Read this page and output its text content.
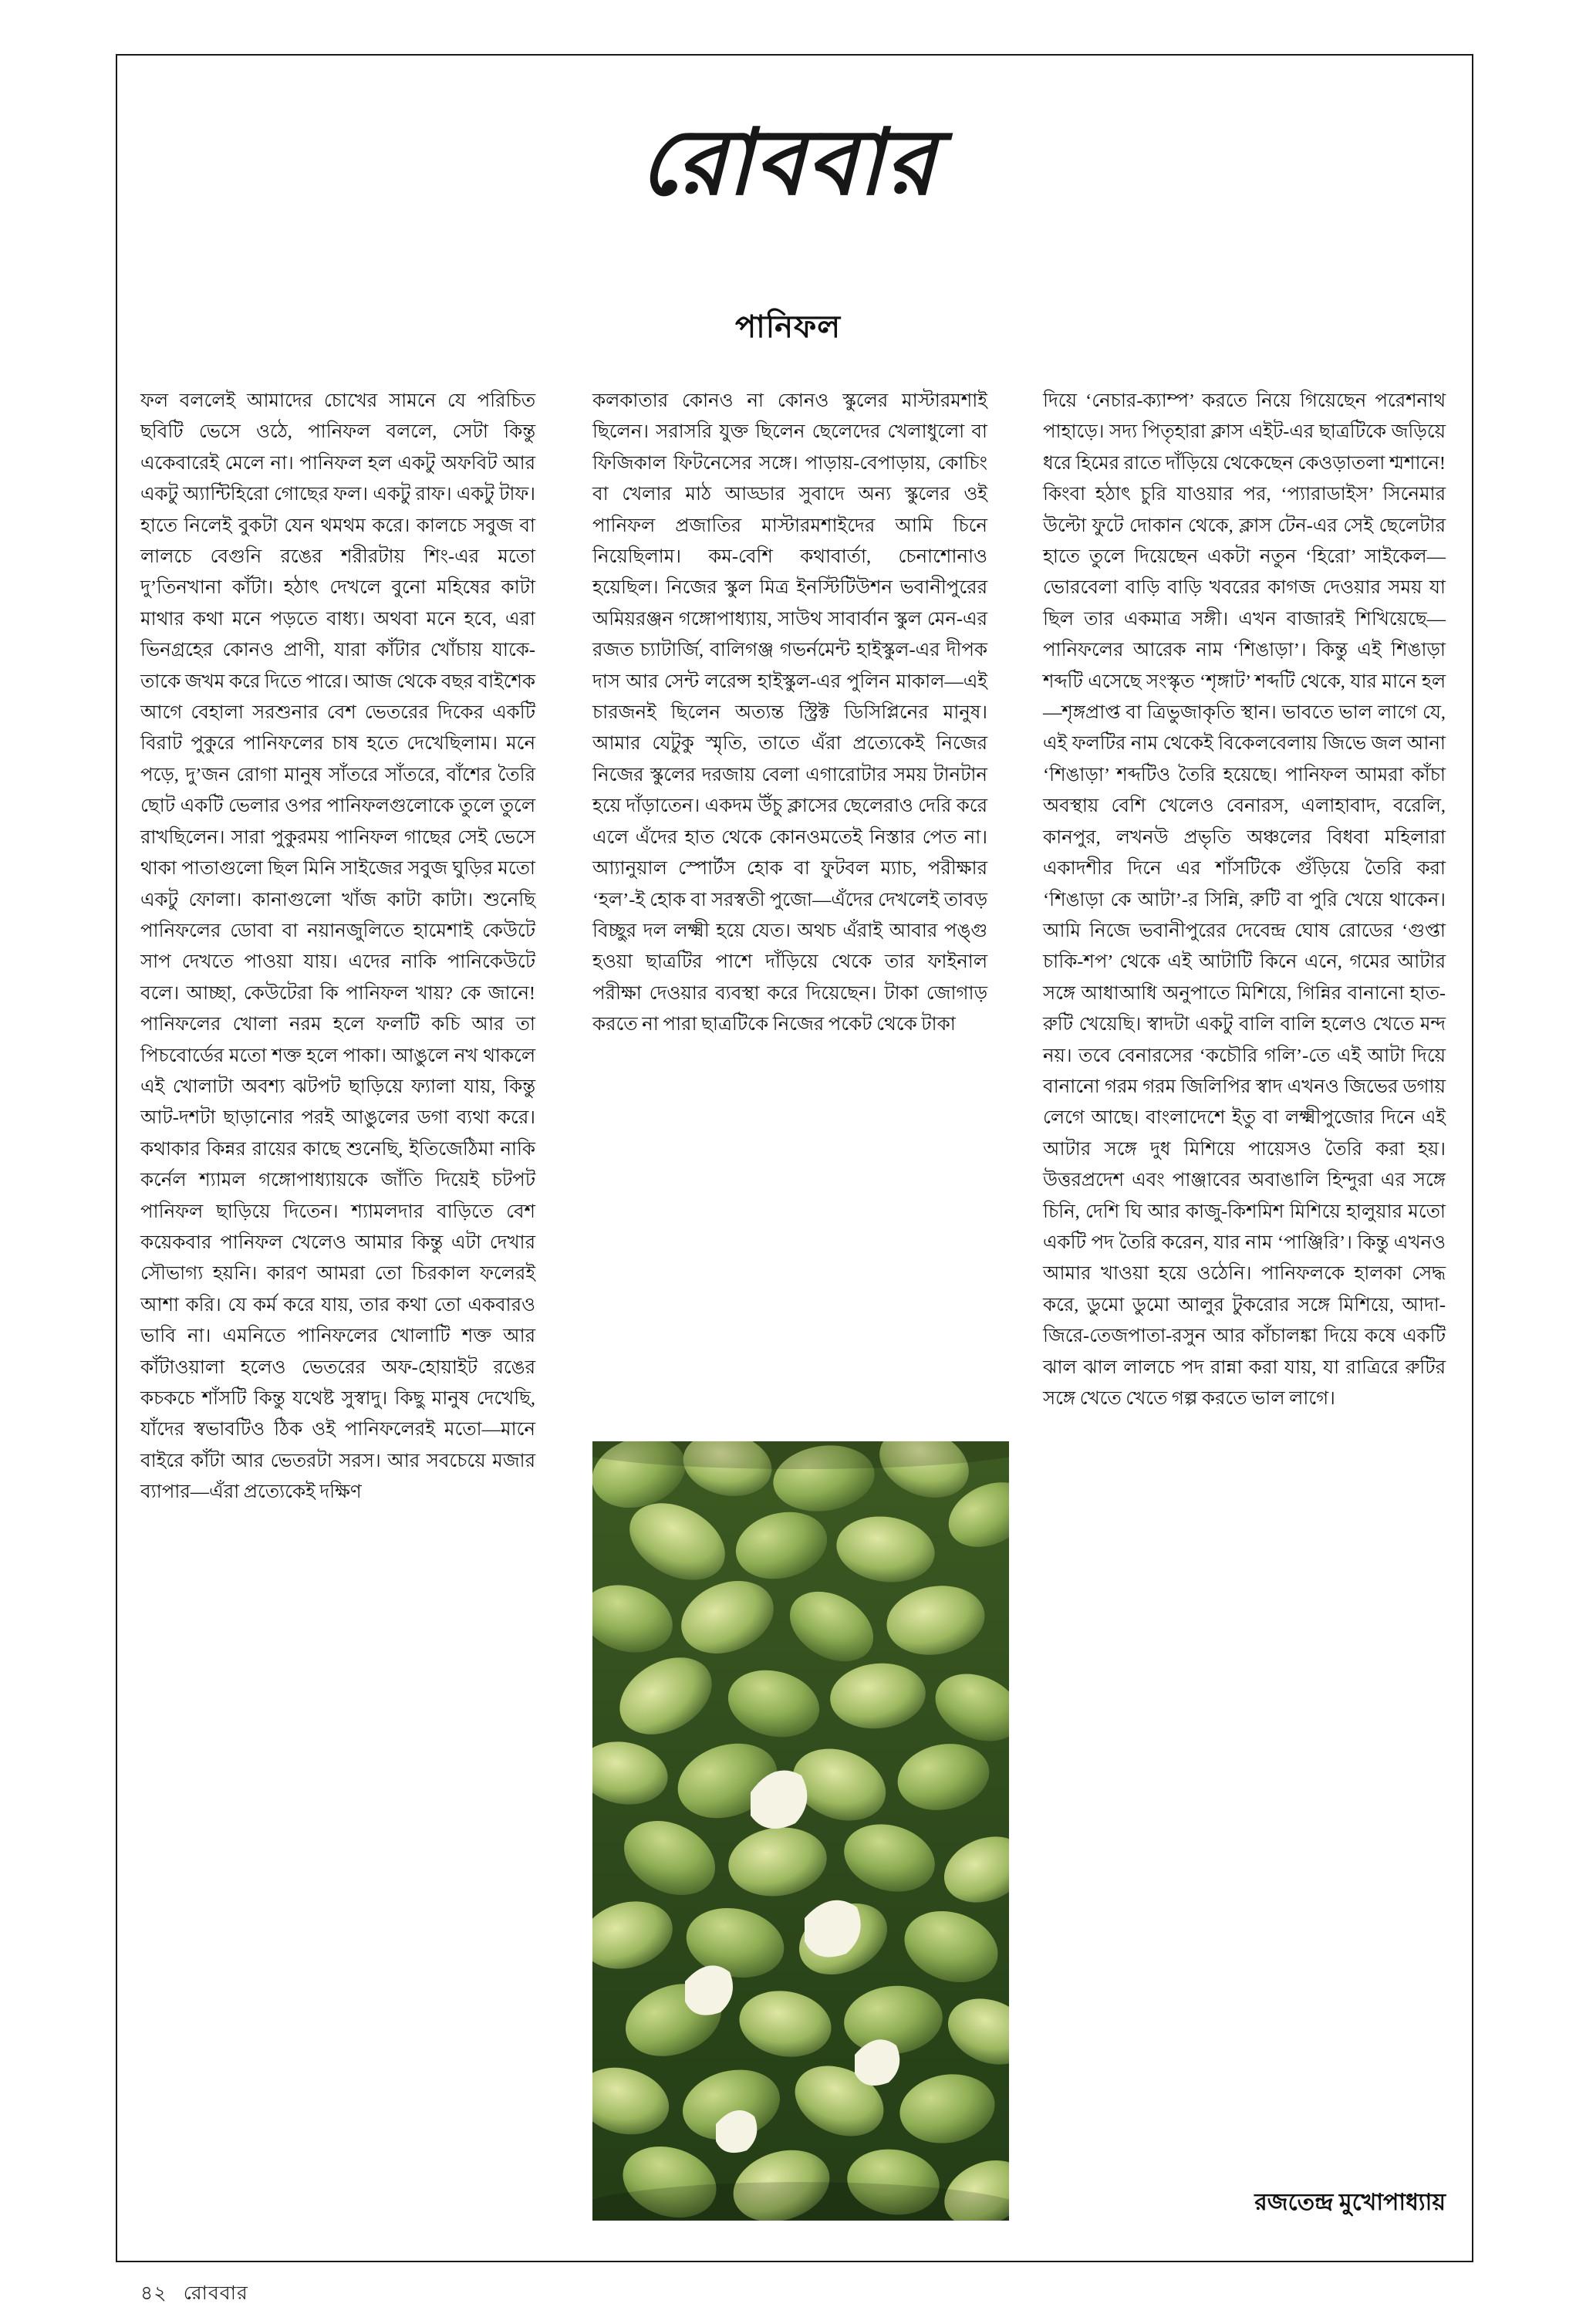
রোববার
পানিফল

ফল বললেই আমাদের চোখের সামনে যে পরিচিত ছবিটি ভেসে ওঠে, পানিফল বললে, সেটা কিন্তু একেবারেই মেলে না। পানিফল হল একটু অফবিট আর একটু অ্যান্টিহিরো গোছের ফল। একটু রাফ। একটু টাফ। হাতে নিলেই বুকটা যেন থমথম করে। কালচে সবুজ বা লালচে বেগুনি রঙের শরীরটায় শিং-এর মতো দু’তিনখানা কাঁটা। হঠাৎ দেখলে বুনো মহিষের কাটা মাথার কথা মনে পড়তে বাধ্য। অথবা মনে হবে, এরা ভিনগ্রহের কোনও প্রাণী, যারা কাঁটার খোঁচায় যাকে-তাকে জখম করে দিতে পারে। আজ থেকে বছর বাইশেক আগে বেহালা সরশুনার বেশ ভেতরের দিকের একটি বিরাট পুকুরে পানিফলের চাষ হতে দেখেছিলাম। মনে পড়ে, দু’জন রোগা মানুষ সাঁতরে সাঁতরে, বাঁশের তৈরি ছোট একটি ভেলার ওপর পানিফলগুলোকে তুলে তুলে রাখছিলেন। সারা পুকুরময় পানিফল গাছের সেই ভেসে থাকা পাতাগুলো ছিল মিনি সাইজের সবুজ ঘুড়ির মতো একটু ফোলা। কানাগুলো খাঁজ কাটা কাটা। শুনেছি পানিফলের ডোবা বা নয়ানজুলিতে হামেশাই কেউটে সাপ দেখতে পাওয়া যায়। এদের নাকি পানিকেউটে বলে। আচ্ছা, কেউটেরা কি পানিফল খায়? কে জানে! পানিফলের খোলা নরম হলে ফলটি কচি আর তা পিচবোর্ডের মতো শক্ত হলে পাকা। আঙুলে নখ থাকলে এই খোলাটা অবশ্য ঝটপট ছাড়িয়ে ফ্যালা যায়, কিন্তু আট-দশটা ছাড়ানোর পরই আঙুলের ডগা ব্যথা করে। কথাকার কিন্নর রায়ের কাছে শুনেছি, ইতিজেঠিমা নাকি কর্নেল শ্যামল গঙ্গোপাধ্যায়কে জাঁতি দিয়েই চটপট পানিফল ছাড়িয়ে দিতেন। শ্যামলদার বাড়িতে বেশ কয়েকবার পানিফল খেলেও আমার কিন্তু এটা দেখার সৌভাগ্য হয়নি। কারণ আমরা তো চিরকাল ফলেরই আশা করি। যে কর্ম করে যায়, তার কথা তো একবারও ভাবি না। এমনিতে পানিফলের খোলাটি শক্ত আর কাঁটাওয়ালা হলেও ভেতরের অফ-হোয়াইট রঙের কচকচে শাঁসটি কিন্তু যথেষ্ট সুস্বাদু। কিছু মানুষ দেখেছি, যাঁদের স্বভাবটিও ঠিক ওই পানিফলেরই মতো—মানে বাইরে কাঁটা আর ভেতরটা সরস। আর সবচেয়ে মজার ব্যাপার—এঁরা প্রত্যেকেই দক্ষিণ

কলকাতার কোনও না কোনও স্কুলের মাস্টারমশাই ছিলেন। সরাসরি যুক্ত ছিলেন ছেলেদের খেলাধুলো বা ফিজিকাল ফিটনেসের সঙ্গে। পাড়ায়-বেপাড়ায়, কোচিং বা খেলার মাঠ আড্ডার সুবাদে অন্য স্কুলের ওই পানিফল প্রজাতির মাস্টারমশাইদের আমি চিনে নিয়েছিলাম। কম-বেশি কথাবার্তা, চেনাশোনাও হয়েছিল। নিজের স্কুল মিত্র ইনস্টিটিউশন ভবানীপুরের অমিয়রঞ্জন গঙ্গোপাধ্যায়, সাউথ সাবার্বান স্কুল মেন-এর রজত চ্যাটার্জি, বালিগঞ্জ গভর্নমেন্ট হাইস্কুল-এর দীপক দাস আর সেন্ট লরেন্স হাইস্কুল-এর পুলিন মাকাল—এই চারজনই ছিলেন অত্যন্ত স্ট্রিক্ট ডিসিপ্লিনের মানুষ। আমার যেটুকু স্মৃতি, তাতে এঁরা প্রত্যেকেই নিজের নিজের স্কুলের দরজায় বেলা এগারোটার সময় টানটান হয়ে দাঁড়াতেন। একদম উঁচু ক্লাসের ছেলেরাও দেরি করে এলে এঁদের হাত থেকে কোনওমতেই নিস্তার পেত না। আ্যানুয়াল স্পোর্টস হোক বা ফুটবল ম্যাচ, পরীক্ষার ‘হল’-ই হোক বা সরস্বতী পুজো—এঁদের দেখলেই তাবড় বিচ্ছুর দল লক্ষ্মী হয়ে যেত। অথচ এঁরাই আবার পঙ্গু হওয়া ছাত্রটির পাশে দাঁড়িয়ে থেকে তার ফাইনাল পরীক্ষা দেওয়ার ব্যবস্থা করে দিয়েছেন। টাকা জোগাড় করতে না পারা ছাত্রটিকে নিজের পকেট থেকে টাকা

দিয়ে ‘নেচার-ক্যাম্প’ করতে নিয়ে গিয়েছেন পরেশনাথ পাহাড়ে। সদ্য পিতৃহারা ক্লাস এইট-এর ছাত্রটিকে জড়িয়ে ধরে হিমের রাতে দাঁড়িয়ে থেকেছেন কেওড়াতলা শ্মশানে! কিংবা হঠাৎ চুরি যাওয়ার পর, ‘প্যারাডাইস’ সিনেমার উল্টো ফুটে দোকান থেকে, ক্লাস টেন-এর সেই ছেলেটার হাতে তুলে দিয়েছেন একটা নতুন ‘হিরো’ সাইকেল—ভোরবেলা বাড়ি বাড়ি খবরের কাগজ দেওয়ার সময় যা ছিল তার একমাত্র সঙ্গী। এখন বাজারই শিখিয়েছে—পানিফলের আরেক নাম ‘শিঙাড়া’। কিন্তু এই শিঙাড়া শব্দটি এসেছে সংস্কৃত ‘শৃঙ্গাট’ শব্দটি থেকে, যার মানে হল—শৃঙ্গপ্রাপ্ত বা ত্রিভুজাকৃতি স্থান। ভাবতে ভাল লাগে যে, এই ফলটির নাম থেকেই বিকেলবেলায় জিভে জল আনা ‘শিঙাড়া’ শব্দটিও তৈরি হয়েছে। পানিফল আমরা কাঁচা অবস্থায় বেশি খেলেও বেনারস, এলাহাবাদ, বরেলি, কানপুর, লখনউ প্রভৃতি অঞ্চলের বিধবা মহিলারা একাদশীর দিনে এর শাঁসটিকে গুঁড়িয়ে তৈরি করা ‘শিঙাড়া কে আটা’-র সিন্নি, রুটি বা পুরি খেয়ে থাকেন। আমি নিজে ভবানীপুরের দেবেন্দ্র ঘোষ রোডের ‘গুপ্তা চাকি-শপ’ থেকে এই আটাটি কিনে এনে, গমের আটার সঙ্গে আধাআধি অনুপাতে মিশিয়ে, গিন্নির বানানো হাত-রুটি খেয়েছি। স্বাদটা একটু বালি বালি হলেও খেতে মন্দ নয়। তবে বেনারসের ‘কচৌরি গলি’-তে এই আটা দিয়ে বানানো গরম গরম জিলিপির স্বাদ এখনও জিভের ডগায় লেগে আছে। বাংলাদেশে ইতু বা লক্ষ্মীপুজোর দিনে এই আটার সঙ্গে দুধ মিশিয়ে পায়েসও তৈরি করা হয়। উত্তরপ্রদেশ এবং পাঞ্জাবের অবাঙালি হিন্দুরা এর সঙ্গে চিনি, দেশি ঘি আর কাজু-কিশমিশ মিশিয়ে হালুয়ার মতো একটি পদ তৈরি করেন, যার নাম ‘পাঞ্জিরি’। কিন্তু এখনও আমার খাওয়া হয়ে ওঠেনি। পানিফলকে হালকা সেদ্ধ করে, ডুমো ডুমো আলুর টুকরোর সঙ্গে মিশিয়ে, আদা-জিরে-তেজপাতা-রসুন আর কাঁচালঙ্কা দিয়ে কষে একটি ঝাল ঝাল লালচে পদ রান্না করা যায়, যা রাত্রিরে রুটির সঙ্গে খেতে খেতে গল্প করতে ভাল লাগে।

রজতেন্দ্র মুখোপাধ্যায়
৪২ রোববার
